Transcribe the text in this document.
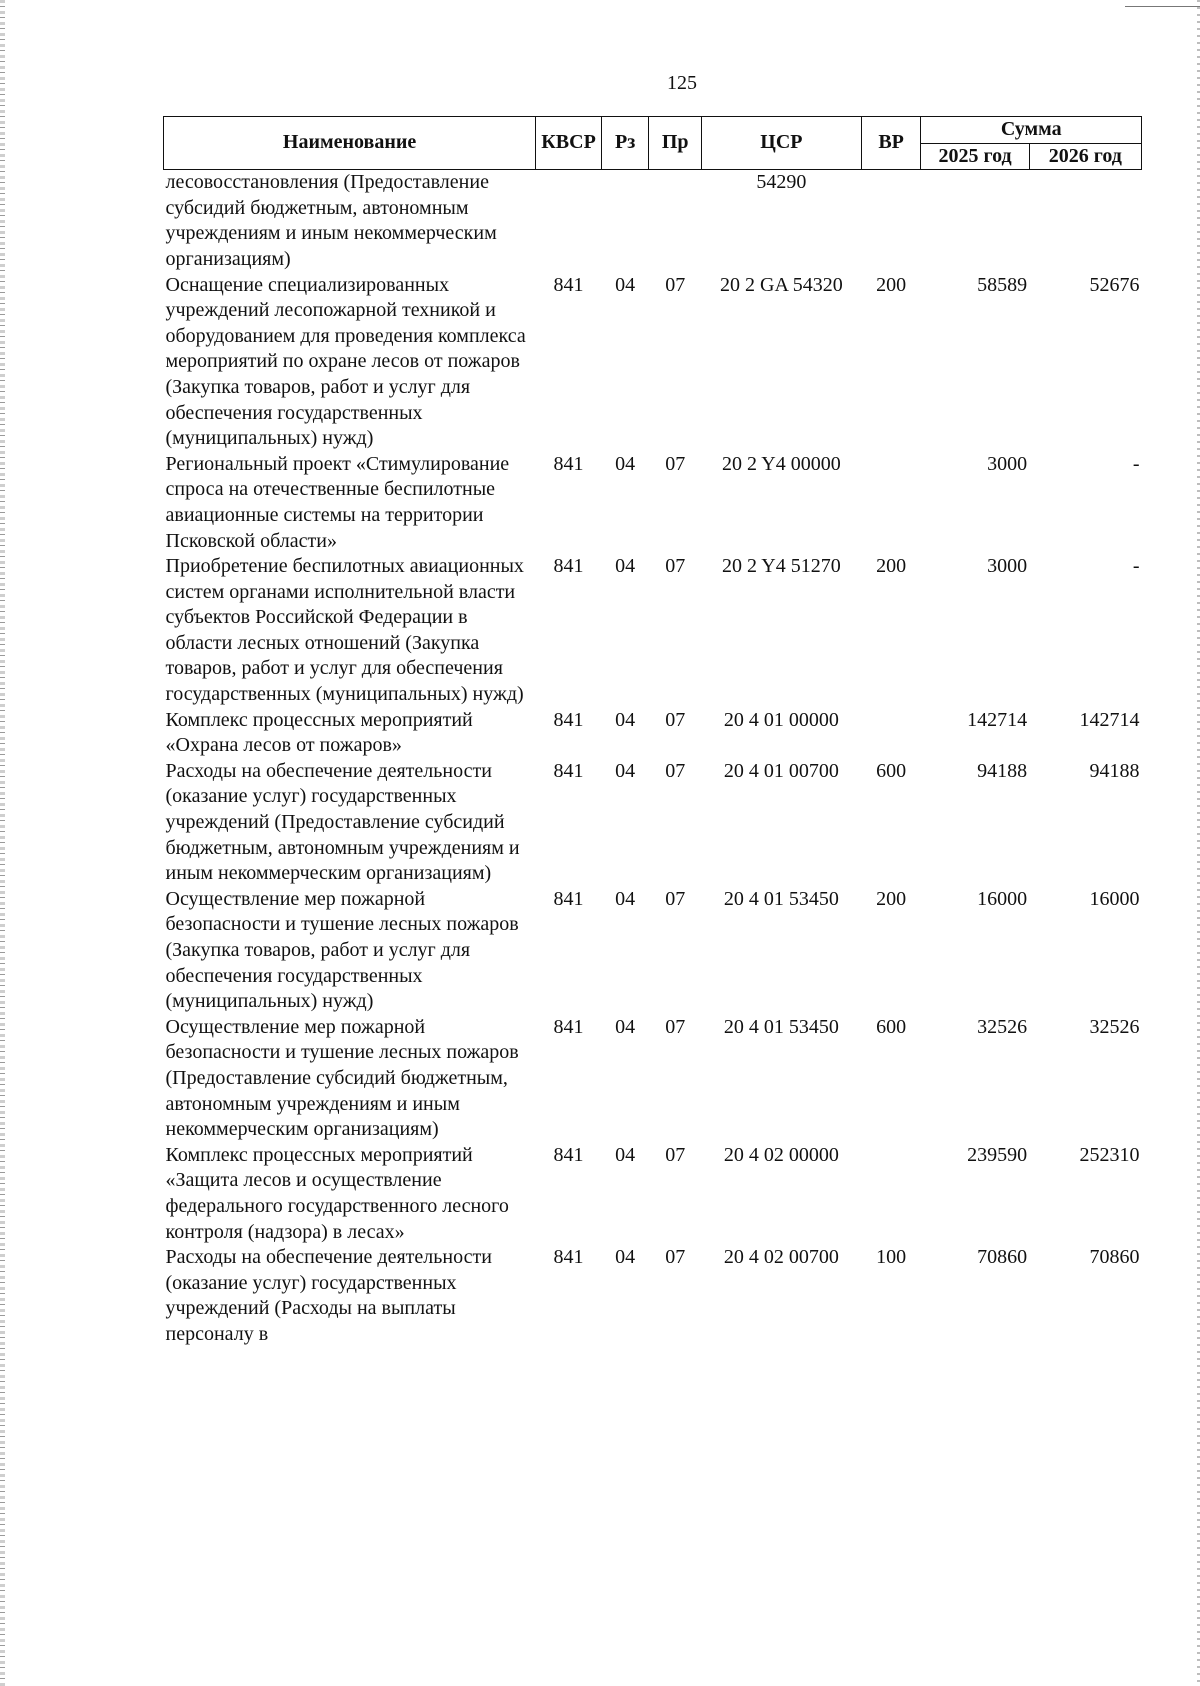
125
Наименование	КВСР	Рз	Пр	ЦСР	ВР	Сумма	
						2025 год	2026 год
лесовосстановления (Предоставление субсидий бюджетным, автономным учреждениям и иным некоммерческим организациям)				54290			
Оснащение специализированных учреждений лесопожарной техникой и оборудованием для проведения комплекса мероприятий по охране лесов от пожаров (Закупка товаров, работ и услуг для обеспечения государственных (муниципальных) нужд)	841	04	07	20 2 GA 54320	200	58589	52676
Региональный проект «Стимулирование спроса на отечественные беспилотные авиационные системы на территории Псковской области»	841	04	07	20 2 Y4 00000		3000	-
Приобретение беспилотных авиационных систем органами исполнительной власти субъектов Российской Федерации в области лесных отношений (Закупка товаров, работ и услуг для обеспечения государственных (муниципальных) нужд)	841	04	07	20 2 Y4 51270	200	3000	-
Комплекс процессных мероприятий «Охрана лесов от пожаров»	841	04	07	20 4 01 00000		142714	142714
Расходы на обеспечение деятельности (оказание услуг) государственных учреждений (Предоставление субсидий бюджетным, автономным учреждениям и иным некоммерческим организациям)	841	04	07	20 4 01 00700	600	94188	94188
Осуществление мер пожарной безопасности и тушение лесных пожаров (Закупка товаров, работ и услуг для обеспечения государственных (муниципальных) нужд)	841	04	07	20 4 01 53450	200	16000	16000
Осуществление мер пожарной безопасности и тушение лесных пожаров (Предоставление субсидий бюджетным, автономным учреждениям и иным некоммерческим организациям)	841	04	07	20 4 01 53450	600	32526	32526
Комплекс процессных мероприятий «Защита лесов и осуществление федерального государственного лесного контроля (надзора) в лесах»	841	04	07	20 4 02 00000		239590	252310
Расходы на обеспечение деятельности (оказание услуг) государственных учреждений (Расходы на выплаты персоналу в	841	04	07	20 4 02 00700	100	70860	70860
